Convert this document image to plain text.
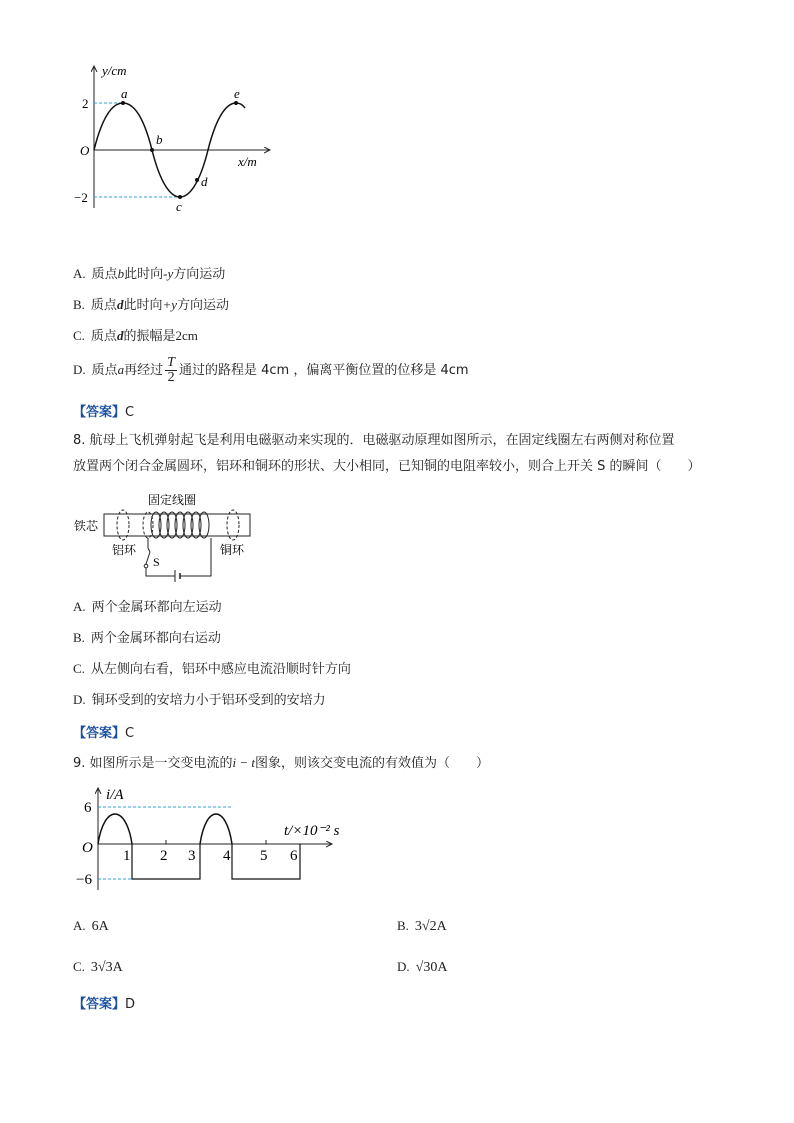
y/cm
x/m
O
2
−2
a
b
c
d
e
A. 质点b此时向-y方向运动
B. 质点d此时向+y方向运动
C. 质点d的振幅是2cm
D. 质点a再经过 $\frac{T}{2}$ 通过的路程是 4cm ，偏离平衡位置的位移是 4cm
【答案】C
8. 航母上飞机弹射起飞是利用电磁驱动来实现的．电磁驱动原理如图所示，在固定线圈左右两侧对称位置
放置两个闭合金属圆环，铝环和铜环的形状、大小相同，已知铜的电阻率较小，则合上开关 S 的瞬间（　　）
固定线圈
铁芯
铝环	铜环
S
A. 两个金属环都向左运动
B. 两个金属环都向右运动
C. 从左侧向右看，铝环中感应电流沿顺时针方向
D. 铜环受到的安培力小于铝环受到的安培力
【答案】C
9. 如图所示是一交变电流的i − t图象，则该交变电流的有效值为（　　）
i/A
t/×10⁻² s
O
6
−6
1 2 3 4 5 6
A. 6A	B. 3√2A
C. 3√3A	D. √30A
【答案】D
